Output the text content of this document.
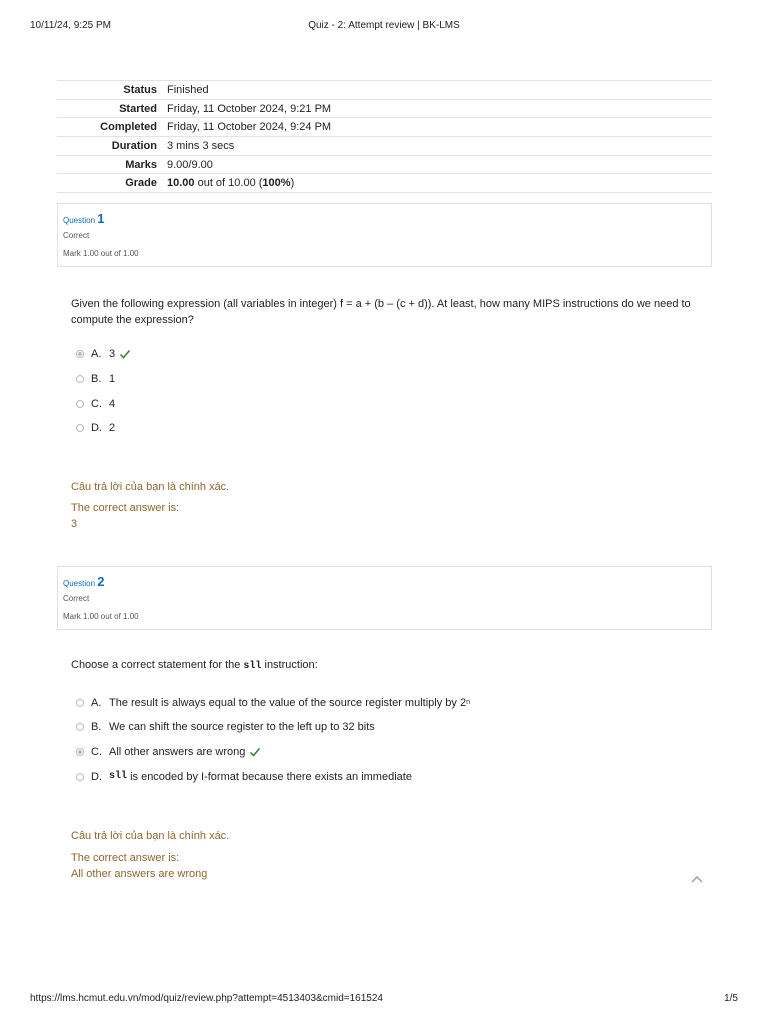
10/11/24, 9:25 PM	Quiz - 2: Attempt review | BK-LMS
Status	Finished
Started	Friday, 11 October 2024, 9:21 PM
Completed	Friday, 11 October 2024, 9:24 PM
Duration	3 mins 3 secs
Marks	9.00/9.00
Grade	10.00 out of 10.00 (100%)
Question 1
Correct
Mark 1.00 out of 1.00
Given the following expression (all variables in integer) f = a + (b – (c + d)). At least, how many MIPS instructions do we need to compute the expression?
A. 3
B. 1
C. 4
D. 2
Câu trả lời của bạn là chính xác.
The correct answer is:
3
Question 2
Correct
Mark 1.00 out of 1.00
Choose a correct statement for the sll instruction:
A. The result is always equal to the value of the source register multiply by 2 n
B. We can shift the source register to the left up to 32 bits
C. All other answers are wrong
D. sll is encoded by I-format because there exists an immediate
Câu trả lời của bạn là chính xác.
The correct answer is:
All other answers are wrong
https://lms.hcmut.edu.vn/mod/quiz/review.php?attempt=4513403&cmid=161524	1/5
